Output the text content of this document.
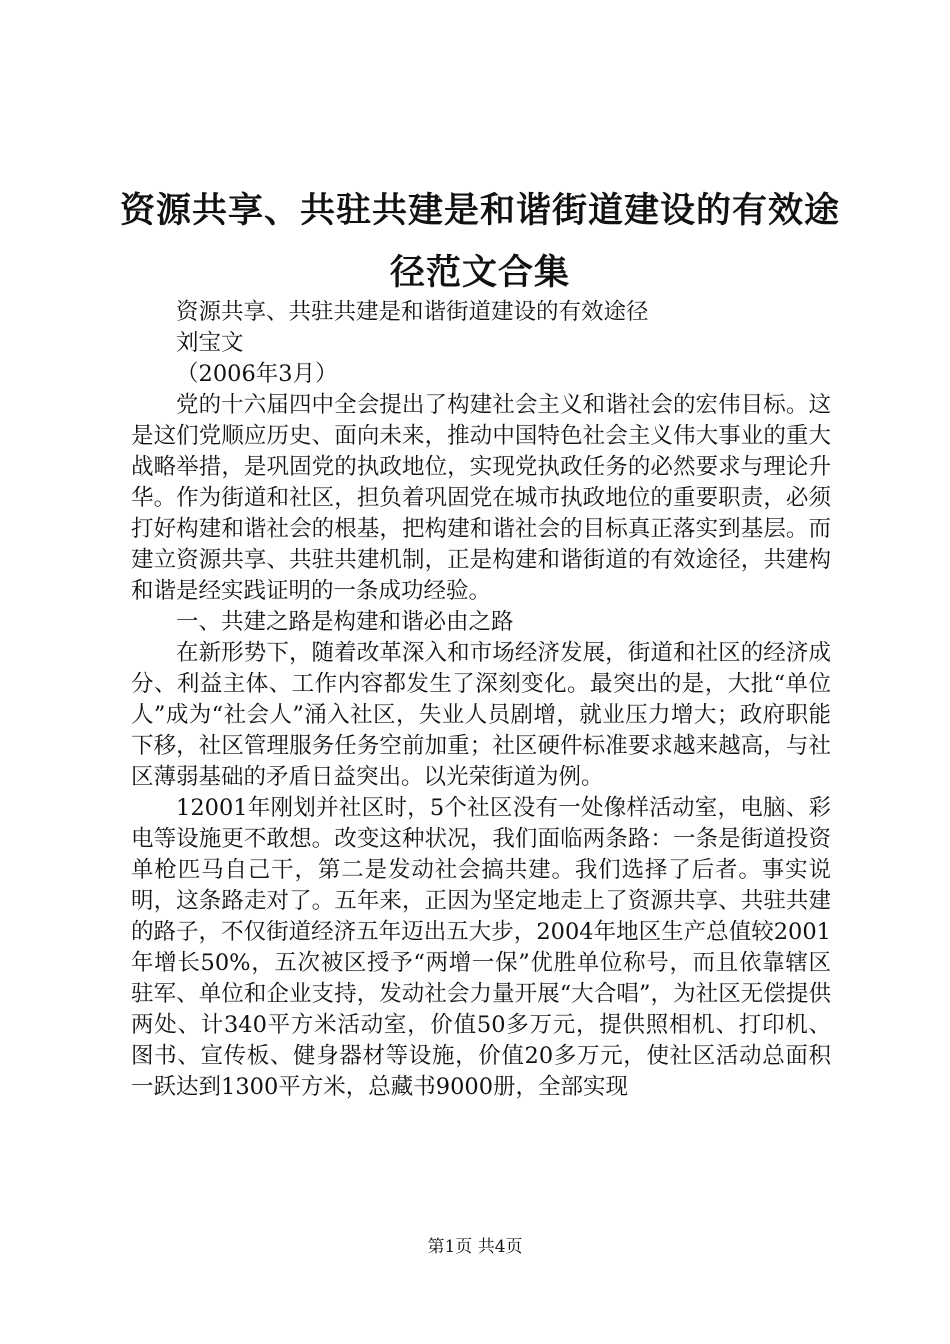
资源共享、共驻共建是和谐街道建设的有效途径范文合集

资源共享、共驻共建是和谐街道建设的有效途径

刘宝文

（2006年3月）

党的十六届四中全会提出了构建社会主义和谐社会的宏伟目标。这是这们党顺应历史、面向未来，推动中国特色社会主义伟大事业的重大战略举措，是巩固党的执政地位，实现党执政任务的必然要求与理论升华。作为街道和社区，担负着巩固党在城市执政地位的重要职责，必须打好构建和谐社会的根基，把构建和谐社会的目标真正落实到基层。而建立资源共享、共驻共建机制，正是构建和谐街道的有效途径，共建构和谐是经实践证明的一条成功经验。

一、共建之路是构建和谐必由之路

在新形势下，随着改革深入和市场经济发展，街道和社区的经济成分、利益主体、工作内容都发生了深刻变化。最突出的是，大批“单位人”成为“社会人”涌入社区，失业人员剧增，就业压力增大；政府职能下移，社区管理服务任务空前加重；社区硬件标准要求越来越高，与社区薄弱基础的矛盾日益突出。以光荣街道为例。

12001年刚划并社区时，5个社区没有一处像样活动室，电脑、彩电等设施更不敢想。改变这种状况，我们面临两条路：一条是街道投资单枪匹马自己干，第二是发动社会搞共建。我们选择了后者。事实说明，这条路走对了。五年来，正因为坚定地走上了资源共享、共驻共建的路子，不仅街道经济五年迈出五大步，2004年地区生产总值较2001年增长50%，五次被区授予“两增一保”优胜单位称号，而且依靠辖区驻军、单位和企业支持，发动社会力量开展“大合唱”，为社区无偿提供两处、计340平方米活动室，价值50多万元，提供照相机、打印机、图书、宣传板、健身器材等设施，价值20多万元，使社区活动总面积一跃达到1300平方米，总藏书9000册，全部实现

第1页 共4页
